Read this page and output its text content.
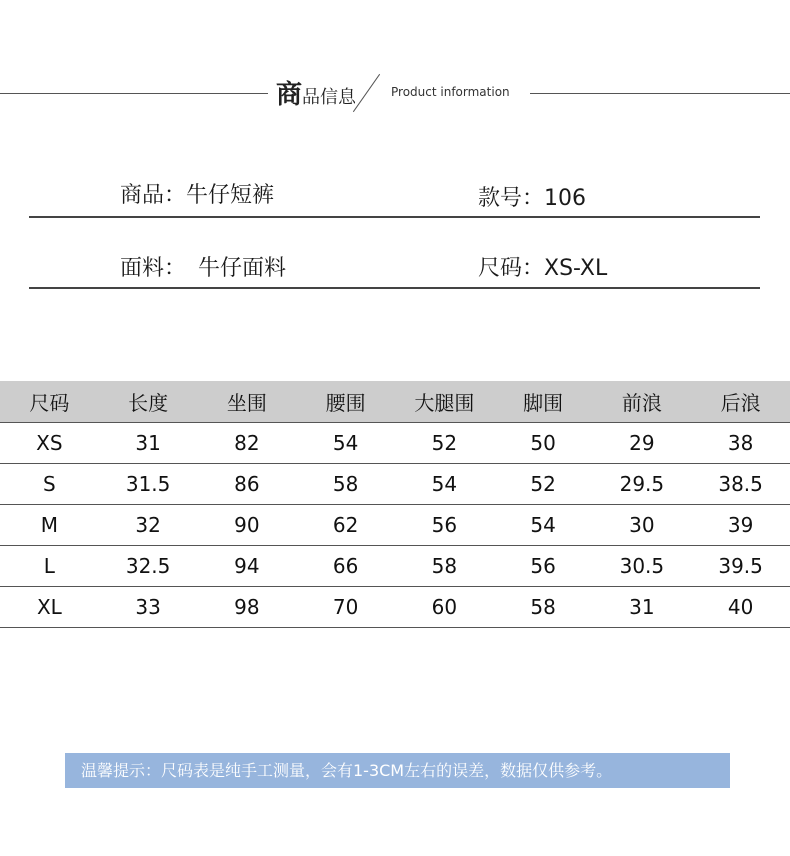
商品信息	Product information
商品：牛仔短裤	款号：106
面料： 牛仔面料	尺码：XS-XL
尺码	长度	坐围	腰围	大腿围	脚围	前浪	后浪
XS	31	82	54	52	50	29	38
S	31.5	86	58	54	52	29.5	38.5
M	32	90	62	56	54	30	39
L	32.5	94	66	58	56	30.5	39.5
XL	33	98	70	60	58	31	40
温馨提示：尺码表是纯手工测量，会有1-3CM左右的误差，数据仅供参考。
